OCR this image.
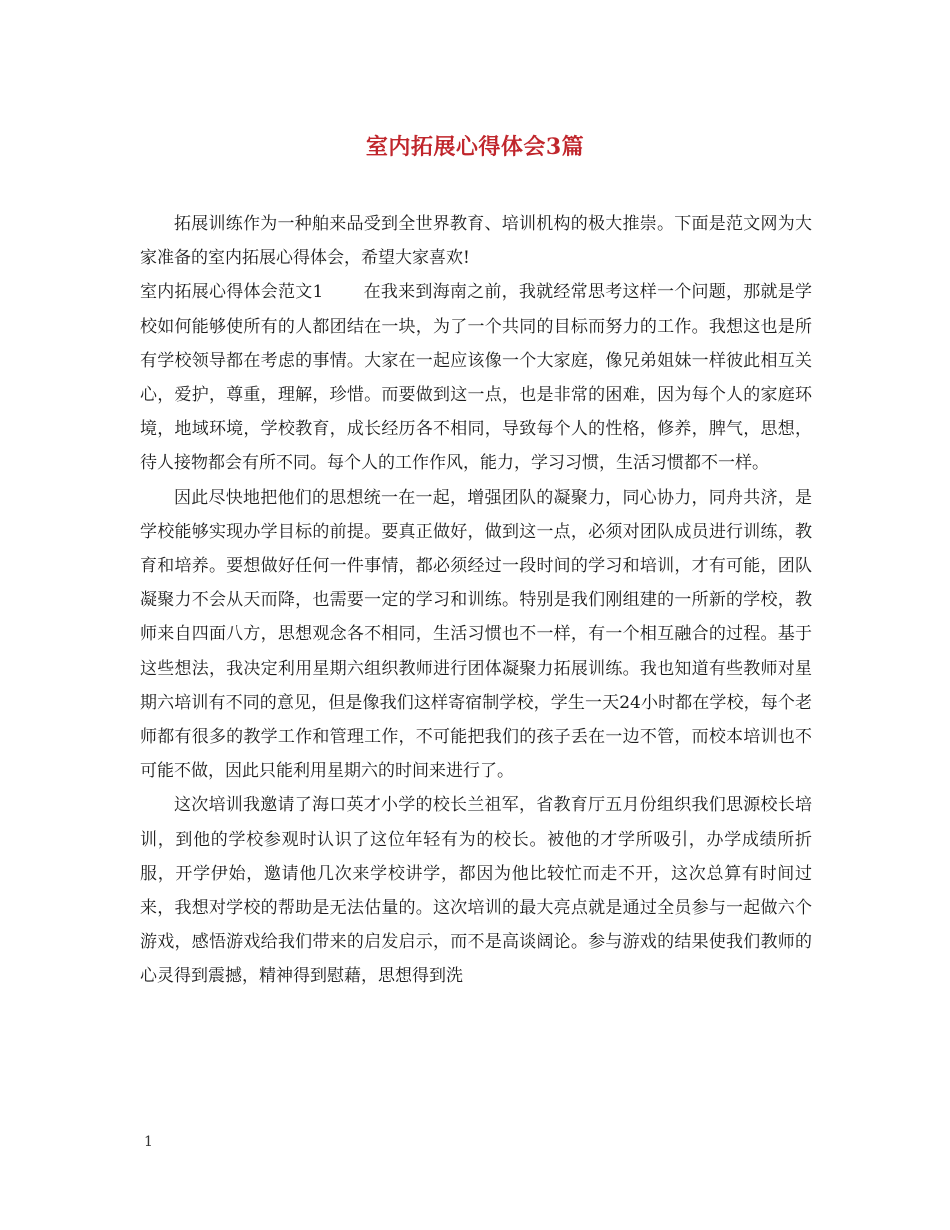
室内拓展心得体会3篇

拓展训练作为一种舶来品受到全世界教育、培训机构的极大推崇。下面是范文网为大家准备的室内拓展心得体会，希望大家喜欢!

室内拓展心得体会范文1 在我来到海南之前，我就经常思考这样一个问题，那就是学校如何能够使所有的人都团结在一块，为了一个共同的目标而努力的工作。我想这也是所有学校领导都在考虑的事情。大家在一起应该像一个大家庭，像兄弟姐妹一样彼此相互关心，爱护，尊重，理解，珍惜。而要做到这一点，也是非常的困难，因为每个人的家庭环境，地域环境，学校教育，成长经历各不相同，导致每个人的性格，修养，脾气，思想，待人接物都会有所不同。每个人的工作作风，能力，学习习惯，生活习惯都不一样。

因此尽快地把他们的思想统一在一起，增强团队的凝聚力，同心协力，同舟共济，是学校能够实现办学目标的前提。要真正做好，做到这一点，必须对团队成员进行训练，教育和培养。要想做好任何一件事情，都必须经过一段时间的学习和培训，才有可能，团队凝聚力不会从天而降，也需要一定的学习和训练。特别是我们刚组建的一所新的学校，教师来自四面八方，思想观念各不相同，生活习惯也不一样，有一个相互融合的过程。基于这些想法，我决定利用星期六组织教师进行团体凝聚力拓展训练。我也知道有些教师对星期六培训有不同的意见，但是像我们这样寄宿制学校，学生一天24小时都在学校，每个老师都有很多的教学工作和管理工作，不可能把我们的孩子丢在一边不管，而校本培训也不可能不做，因此只能利用星期六的时间来进行了。

这次培训我邀请了海口英才小学的校长兰祖军，省教育厅五月份组织我们思源校长培训，到他的学校参观时认识了这位年轻有为的校长。被他的才学所吸引，办学成绩所折服，开学伊始，邀请他几次来学校讲学，都因为他比较忙而走不开，这次总算有时间过来，我想对学校的帮助是无法估量的。这次培训的最大亮点就是通过全员参与一起做六个游戏，感悟游戏给我们带来的启发启示，而不是高谈阔论。参与游戏的结果使我们教师的心灵得到震撼，精神得到慰藉，思想得到洗

1
